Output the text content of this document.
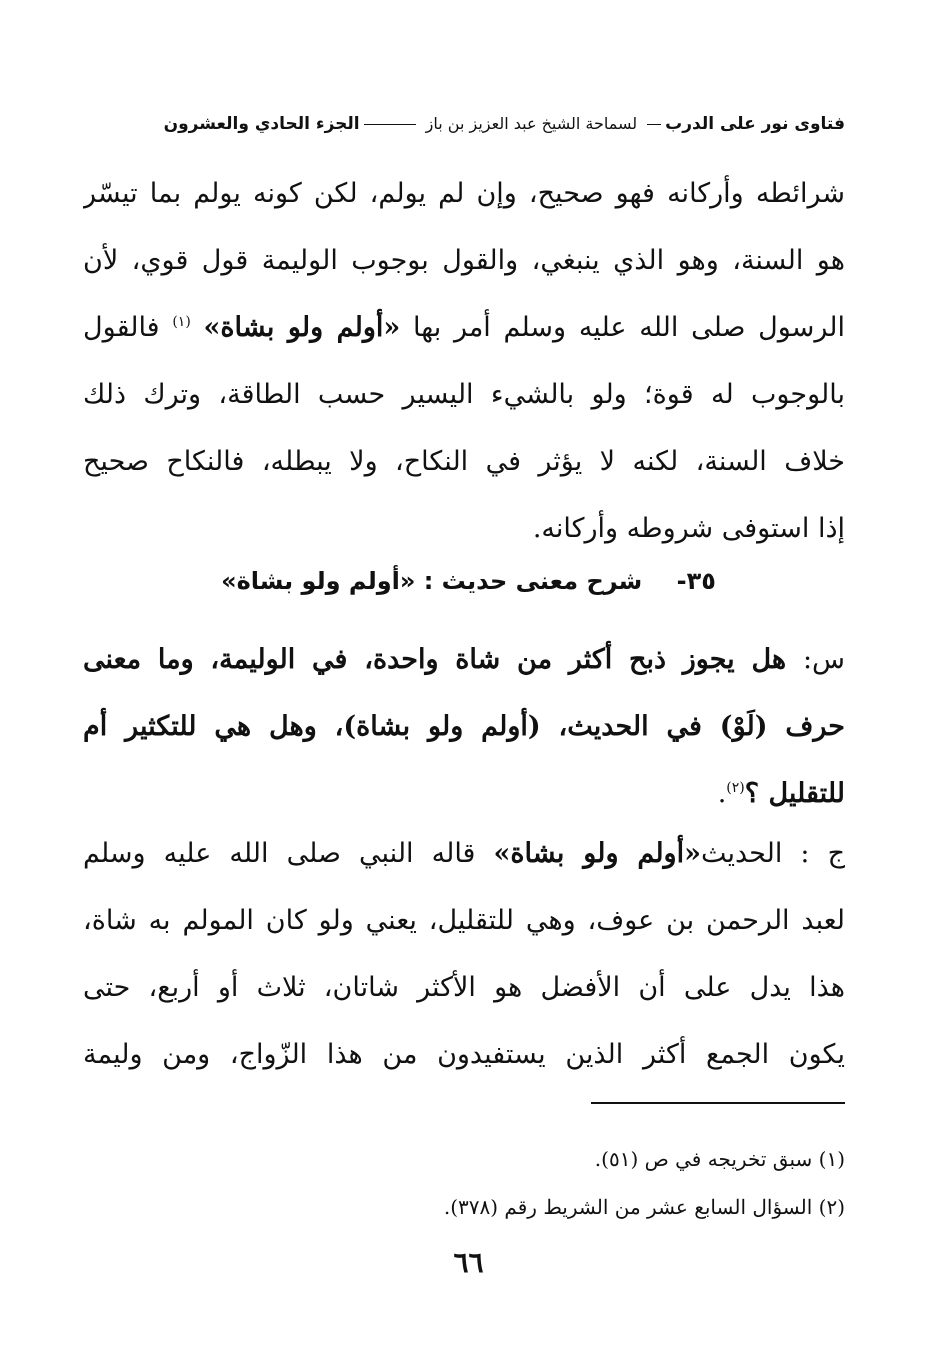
فتاوى نور على الدرب
لسماحة الشيخ عبد العزيز بن باز
الجزء الحادي والعشرون
شرائطه وأركانه فهو صحيح، وإن لم يولم، لكن كونه يولم بما تيسّر
هو السنة، وهو الذي ينبغي، والقول بوجوب الوليمة قول قوي، لأن
الرسول صلى الله عليه وسلم أمر بها «أولم ولو بشاة» $^{(١)}$ فالقول
بالوجوب له قوة؛ ولو بالشيء اليسير حسب الطاقة، وترك ذلك
خلاف السنة، لكنه لا يؤثر في النكاح، ولا يبطله، فالنكاح صحيح
إذا استوفى شروطه وأركانه.
٣٥- شرح معنى حديث : «أولم ولو بشاة»
س: هل يجوز ذبح أكثر من شاة واحدة، في الوليمة، وما معنى
حرف (لَوْ) في الحديث، (أولم ولو بشاة)، وهل هي للتكثير أم
للتقليل ؟$^{(٢)}$.
ج : الحديث«أولم ولو بشاة» قاله النبي صلى الله عليه وسلم
لعبد الرحمن بن عوف، وهي للتقليل، يعني ولو كان المولم به شاة،
هذا يدل على أن الأفضل هو الأكثر شاتان، ثلاث أو أربع، حتى
يكون الجمع أكثر الذين يستفيدون من هذا الزّواج، ومن وليمة
(١) سبق تخريجه في ص (٥١).
(٢) السؤال السابع عشر من الشريط رقم (٣٧٨).
٦٦
